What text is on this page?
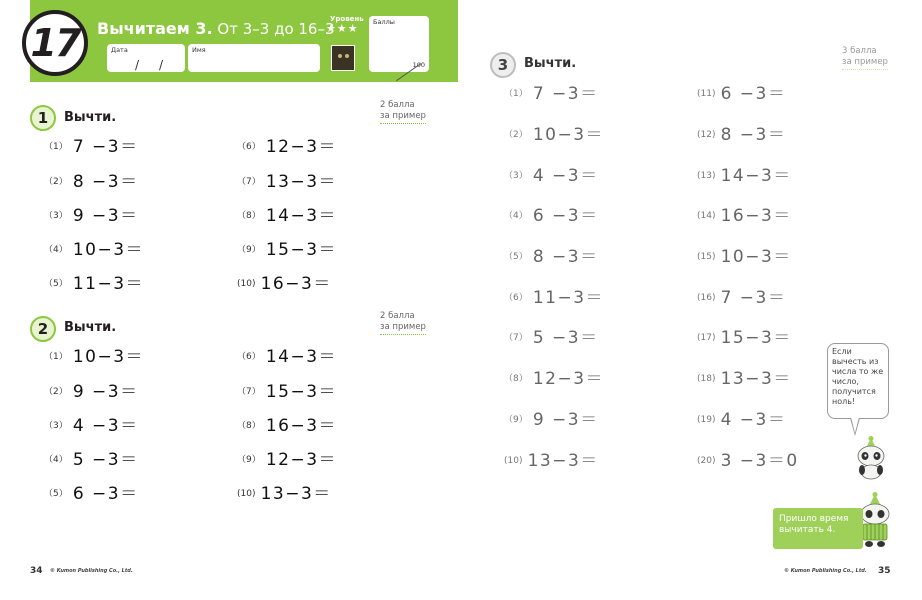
17	Вычитаем 3. От 3–3 до 16–3
Дата
/ /
Имя
Уровень
★★★ Баллы
100
1	Вычти.
2 балла
за пример
（1） 7 −3＝
（2） 8 −3＝
（3） 9 −3＝
（4） 10−3＝
（5） 11−3＝
（6） 12−3＝
（7） 13−3＝
（8） 14−3＝
（9） 15−3＝
(10) 16−3＝
2	Вычти.
2 балла
за пример
（1） 10−3＝
（2） 9 −3＝
（3） 4 −3＝
（4） 5 −3＝
（5） 6 −3＝
（6） 14−3＝
（7） 15−3＝
（8） 16−3＝
（9） 12−3＝
(10) 13−3＝
3	Вычти.
3 балла
за пример
（1） 7 −3＝
（2） 10−3＝
（3） 4 −3＝
（4） 6 −3＝
（5） 8 −3＝
（6） 11−3＝
（7） 5 −3＝
（8） 12−3＝
（9） 9 −3＝
(10) 13−3＝
(11) 6 −3＝
(12) 8 −3＝
(13) 14−3＝
(14) 16−3＝
(15) 10−3＝
(16) 7 −3＝
(17) 15−3＝
(18) 13−3＝
(19) 4 −3＝
(20) 3 −3＝0
Если вычесть из числа то же число, получится ноль!
Пришло время вычитать 4.
34 © Kumon Publishing Co., Ltd.	© Kumon Publishing Co., Ltd. 35
